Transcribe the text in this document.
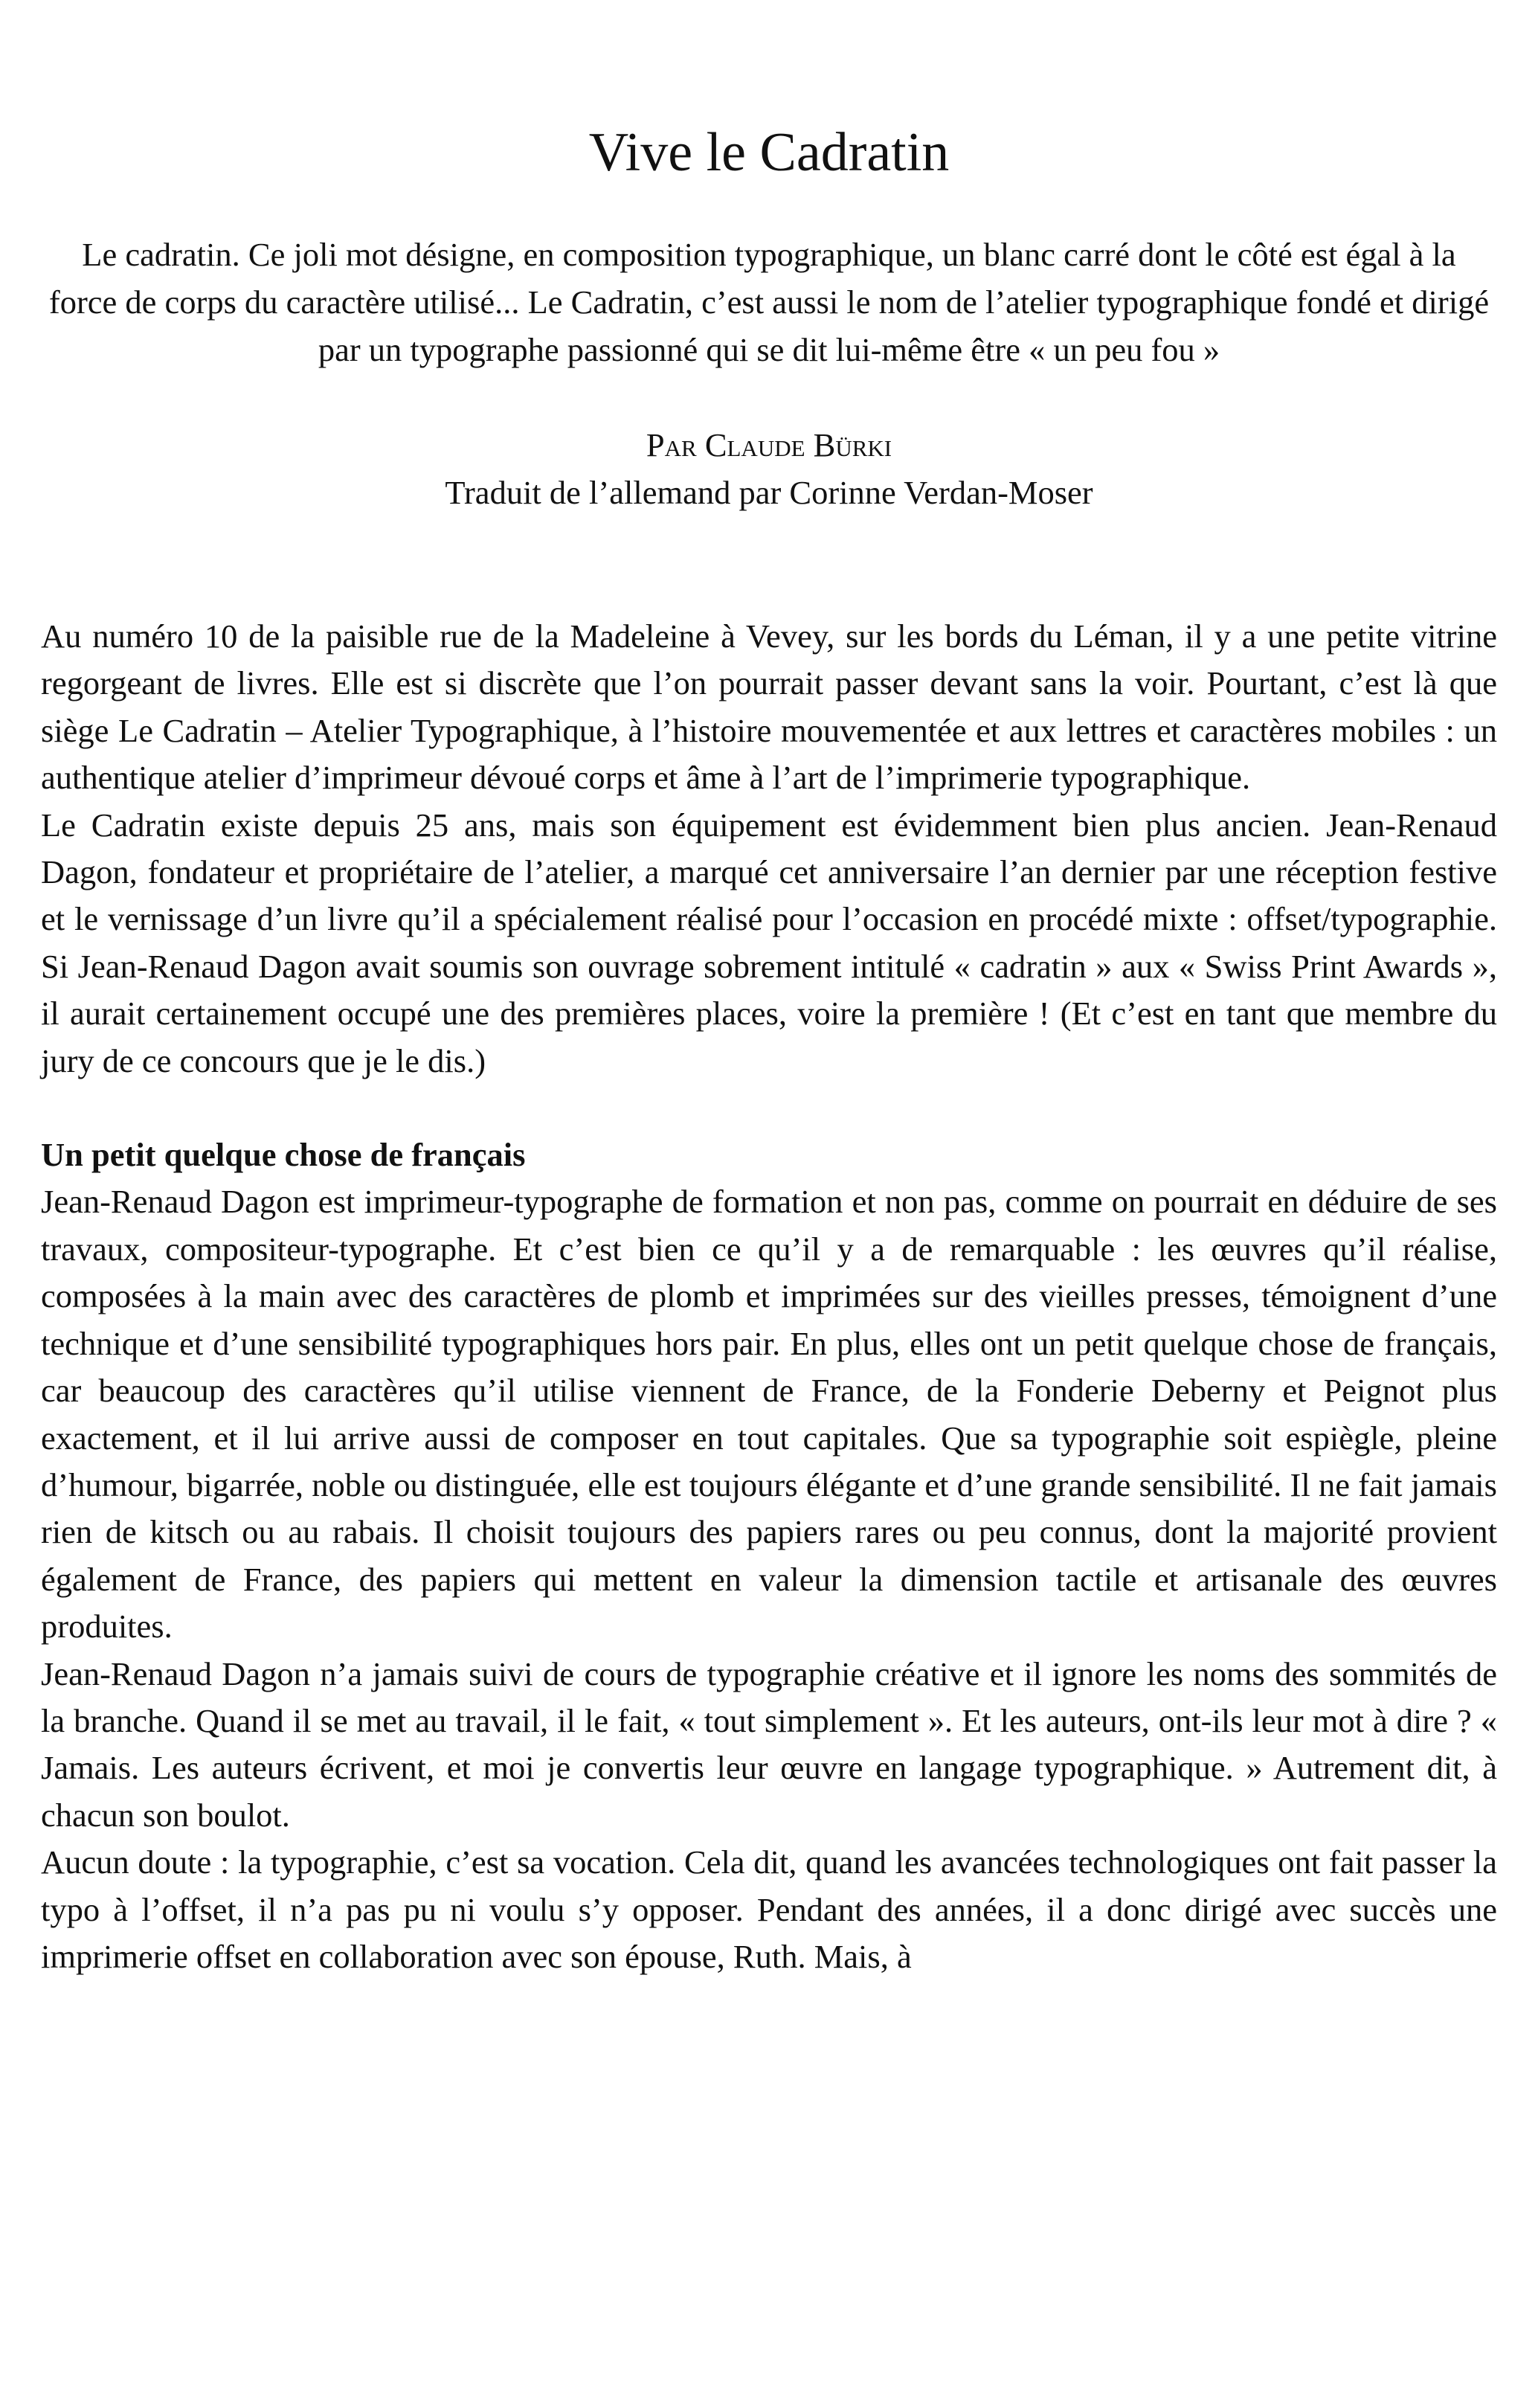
Vive le Cadratin

Le cadratin. Ce joli mot désigne, en composition typographique, un blanc carré dont le côté est égal à la force de corps du caractère utilisé... Le Cadratin, c’est aussi le nom de l’atelier typographique fondé et dirigé par un typographe passionné qui se dit lui-même être « un peu fou »

Par Claude Bürki
Traduit de l’allemand par Corinne Verdan-Moser

Au numéro 10 de la paisible rue de la Madeleine à Vevey, sur les bords du Léman, il y a une petite vitrine regorgeant de livres. Elle est si discrète que l’on pourrait passer devant sans la voir. Pourtant, c’est là que siège Le Cadratin – Atelier Typographique, à l’histoire mouvementée et aux lettres et caractères mobiles : un authentique atelier d’imprimeur dévoué corps et âme à l’art de l’imprimerie typographique.

Le Cadratin existe depuis 25 ans, mais son équipement est évidemment bien plus ancien. Jean-Renaud Dagon, fondateur et propriétaire de l’atelier, a marqué cet anniversaire l’an dernier par une réception festive et le vernissage d’un livre qu’il a spécialement réalisé pour l’occasion en procédé mixte : offset/typographie. Si Jean-Renaud Dagon avait soumis son ouvrage sobrement intitulé « cadratin » aux « Swiss Print Awards », il aurait certainement occupé une des premières places, voire la première ! (Et c’est en tant que membre du jury de ce concours que je le dis.)

Un petit quelque chose de français

Jean-Renaud Dagon est imprimeur-typographe de formation et non pas, comme on pourrait en déduire de ses travaux, compositeur-typographe. Et c’est bien ce qu’il y a de remarquable : les œuvres qu’il réalise, composées à la main avec des caractères de plomb et imprimées sur des vieilles presses, témoignent d’une technique et d’une sensibilité typographiques hors pair. En plus, elles ont un petit quelque chose de français, car beaucoup des caractères qu’il utilise viennent de France, de la Fonderie Deberny et Peignot plus exactement, et il lui arrive aussi de composer en tout capitales. Que sa typographie soit espiègle, pleine d’humour, bigarrée, noble ou distinguée, elle est toujours élégante et d’une grande sensibilité. Il ne fait jamais rien de kitsch ou au rabais. Il choisit toujours des papiers rares ou peu connus, dont la majorité provient également de France, des papiers qui mettent en valeur la dimension tactile et artisanale des œuvres produites.

Jean-Renaud Dagon n’a jamais suivi de cours de typographie créative et il ignore les noms des sommités de la branche. Quand il se met au travail, il le fait, « tout simplement ». Et les auteurs, ont-ils leur mot à dire ? « Jamais. Les auteurs écrivent, et moi je convertis leur œuvre en langage typographique. » Autrement dit, à chacun son boulot.

Aucun doute : la typographie, c’est sa vocation. Cela dit, quand les avancées technologiques ont fait passer la typo à l’offset, il n’a pas pu ni voulu s’y opposer. Pendant des années, il a donc dirigé avec succès une imprimerie offset en collaboration avec son épouse, Ruth. Mais, à
